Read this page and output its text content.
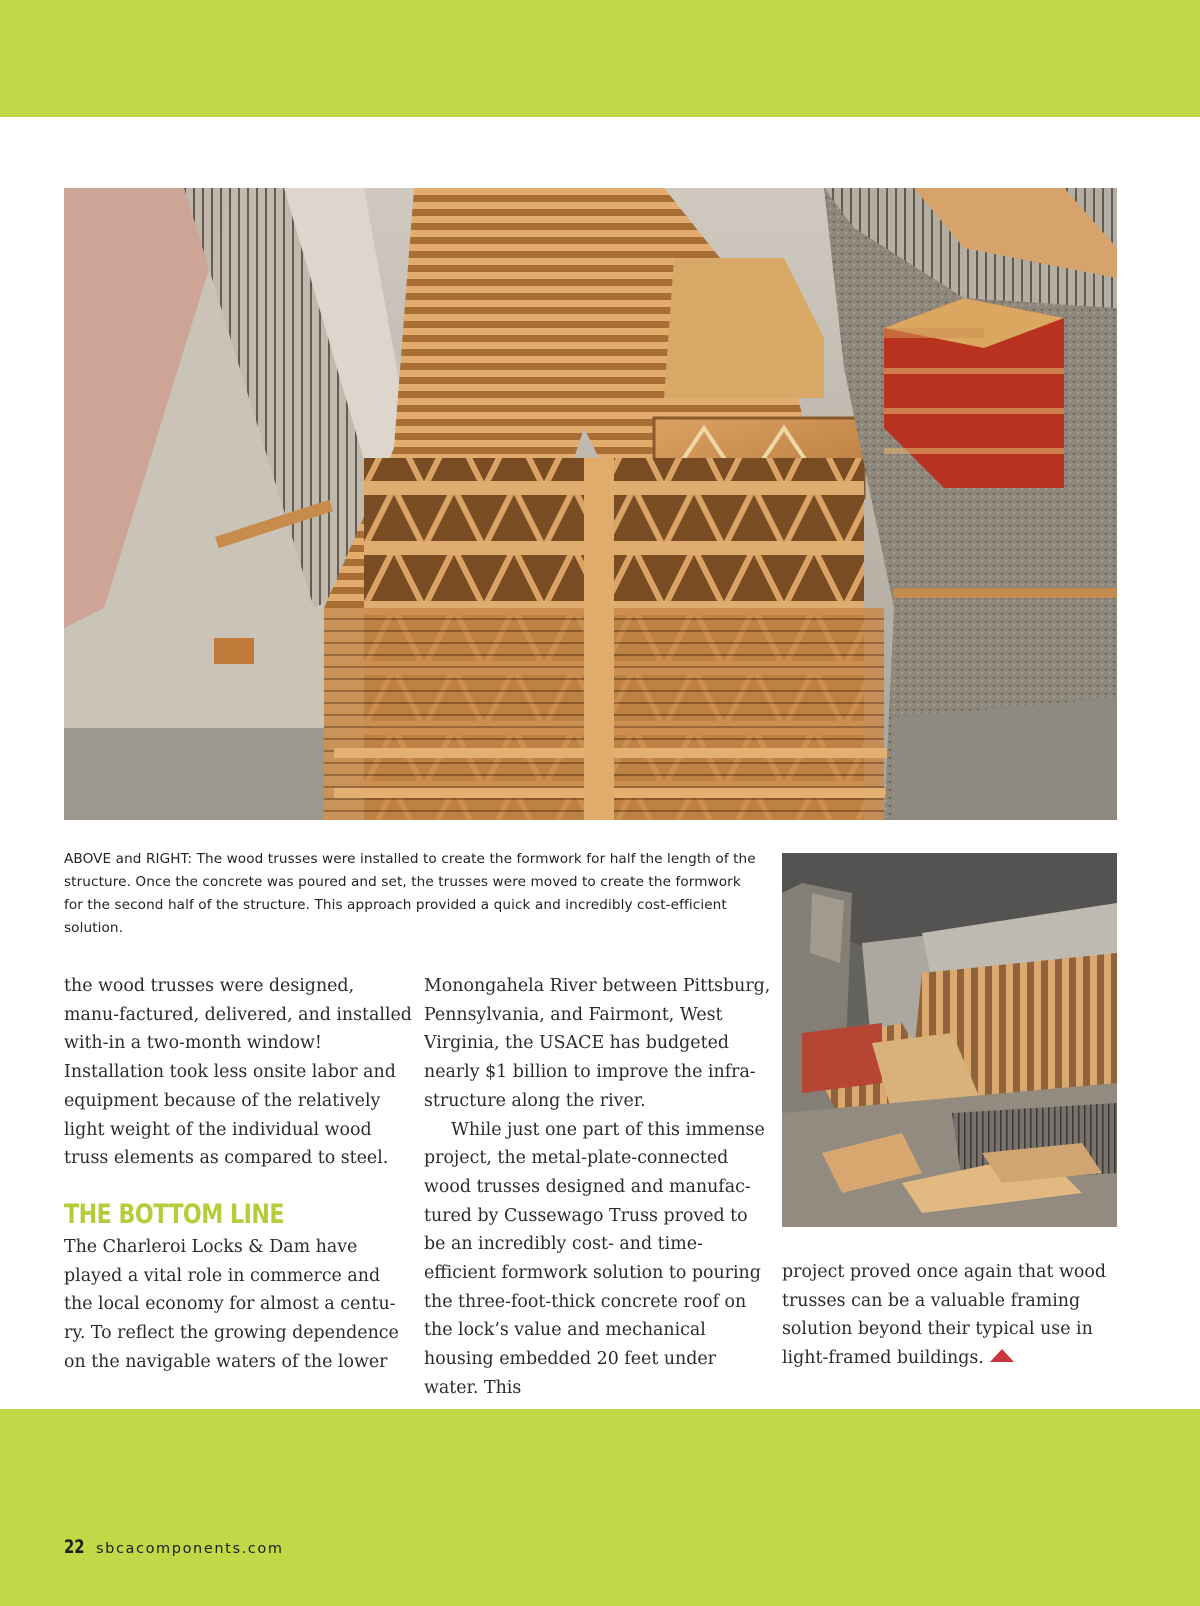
ABOVE and RIGHT: The wood trusses were installed to create the formwork for half the length of the structure. Once the concrete was poured and set, the trusses were moved to create the formwork for the second half of the structure. This approach provided a quick and incredibly cost-efficient solution.

the wood trusses were designed, manu-factured, delivered, and installed with-in a two-month window! Installation took less onsite labor and equipment because of the relatively light weight of the individual wood truss elements as compared to steel.

THE BOTTOM LINE

The Charleroi Locks & Dam have played a vital role in commerce and the local economy for almost a centu-ry. To reflect the growing dependence on the navigable waters of the lower

Monongahela River between Pittsburg, Pennsylvania, and Fairmont, West Virginia, the USACE has budgeted nearly $1 billion to improve the infra-structure along the river.

While just one part of this immense project, the metal-plate-connected wood trusses designed and manufac-tured by Cussewago Truss proved to be an incredibly cost- and time-efficient formwork solution to pouring the three-foot-thick concrete roof on the lock’s value and mechanical housing embedded 20 feet under water. This

project proved once again that wood trusses can be a valuable framing solution beyond their typical use in light-framed buildings.

22 sbcacomponents.com
